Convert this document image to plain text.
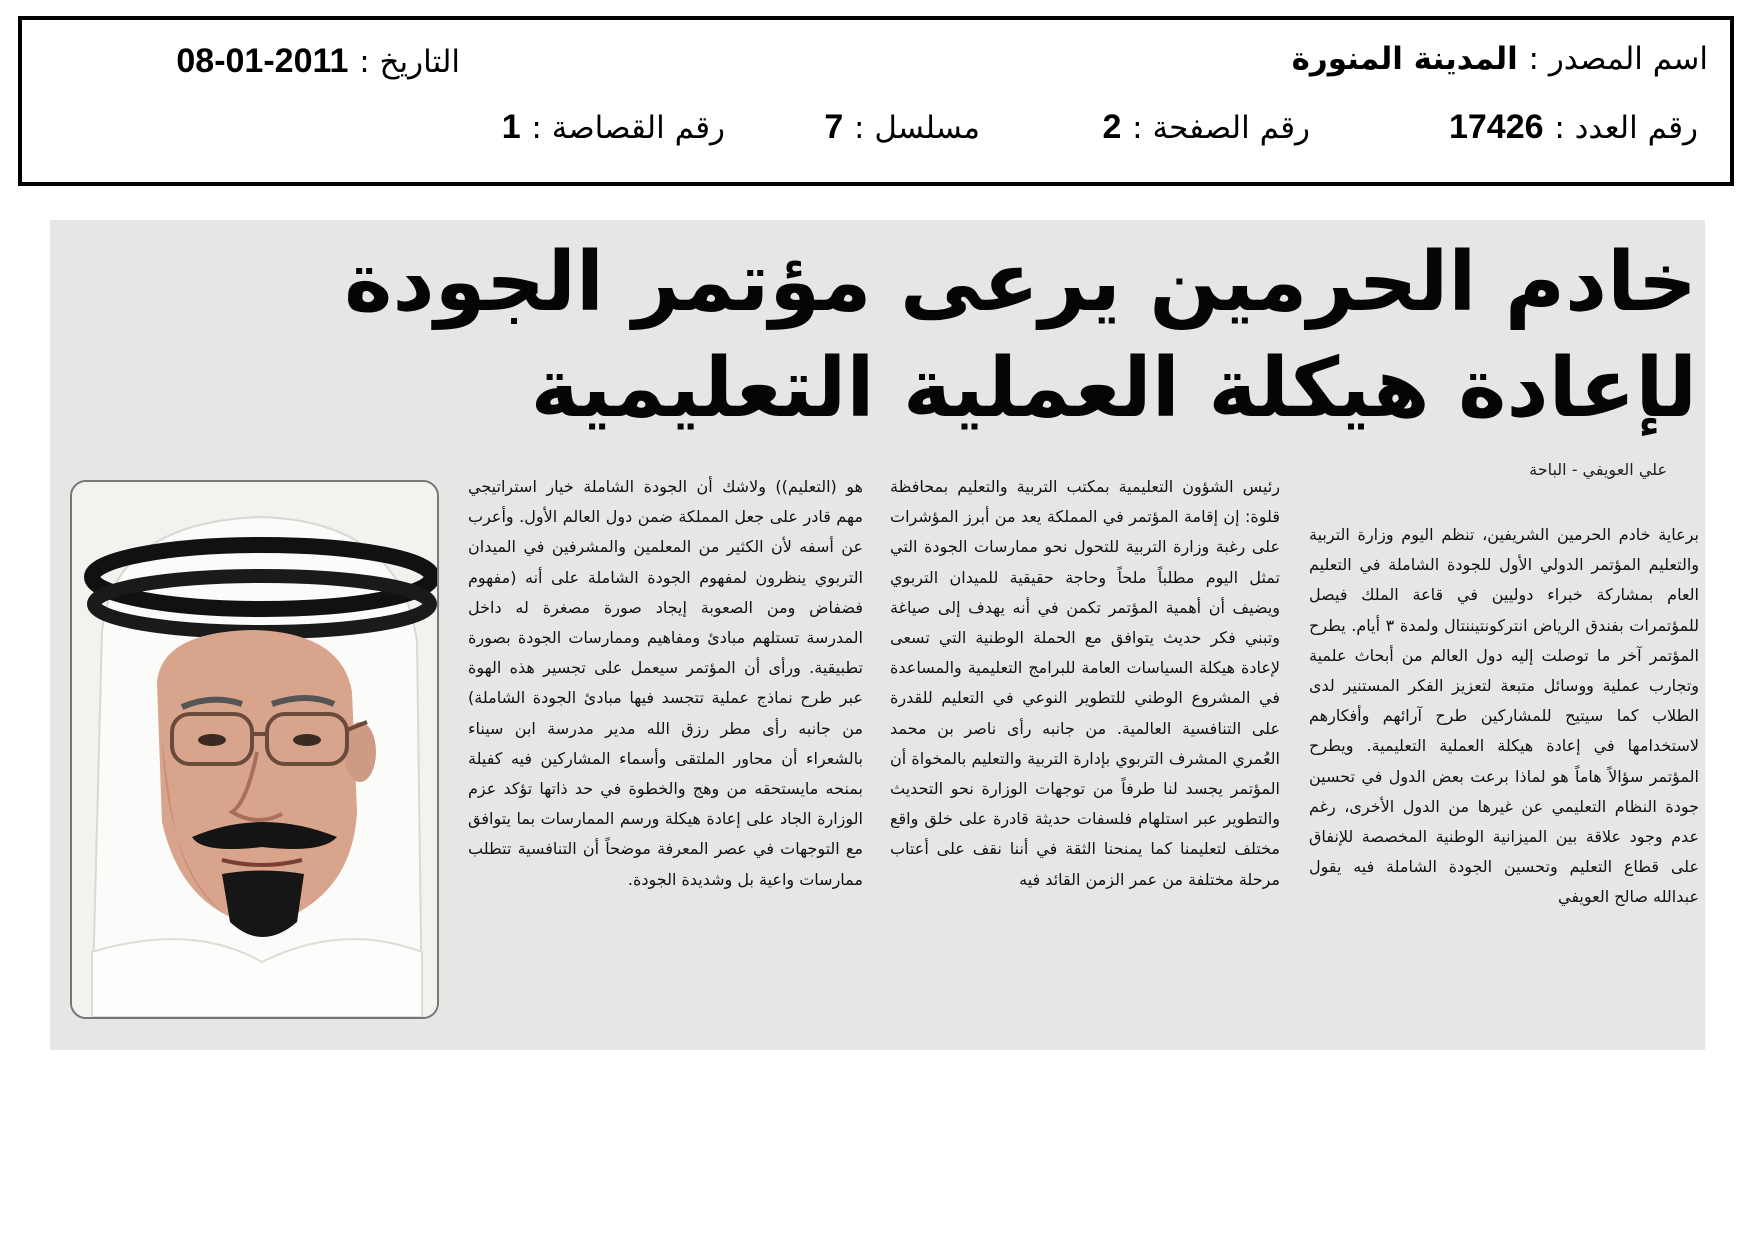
اسم المصدر : المدينة المنورة
التاريخ : 2011-01-08
رقم العدد : 17426
رقم الصفحة : 2
مسلسل : 7
رقم القصاصة : 1
خادم الحرمين يرعى مؤتمر الجودة لإعادة هيكلة العملية التعليمية
علي العويفي - الباحة
برعاية خادم الحرمين الشريفين، تنظم اليوم وزارة التربية والتعليم المؤتمر الدولي الأول للجودة الشاملة في التعليم العام بمشاركة خبراء دوليين في قاعة الملك فيصل للمؤتمرات بفندق الرياض انتركونتيننتال ولمدة ٣ أيام. يطرح المؤتمر آخر ما توصلت إليه دول العالم من أبحاث علمية وتجارب عملية ووسائل متبعة لتعزيز الفكر المستنير لدى الطلاب كما سيتيح للمشاركين طرح آرائهم وأفكارهم لاستخدامها في إعادة هيكلة العملية التعليمية. ويطرح المؤتمر سؤالاً هاماً هو لماذا برعت بعض الدول في تحسين جودة النظام التعليمي عن غيرها من الدول الأخرى، رغم عدم وجود علاقة بين الميزانية الوطنية المخصصة للإنفاق على قطاع التعليم وتحسين الجودة الشاملة فيه يقول عبدالله صالح العويفي
رئيس الشؤون التعليمية بمكتب التربية والتعليم بمحافظة قلوة: إن إقامة المؤتمر في المملكة يعد من أبرز المؤشرات على رغبة وزارة التربية للتحول نحو ممارسات الجودة التي تمثل اليوم مطلباً ملحاً وحاجة حقيقية للميدان التربوي ويضيف أن أهمية المؤتمر تكمن في أنه يهدف إلى صياغة وتبني فكر حديث يتوافق مع الحملة الوطنية التي تسعى لإعادة هيكلة السياسات العامة للبرامج التعليمية والمساعدة في المشروع الوطني للتطوير النوعي في التعليم للقدرة على التنافسية العالمية. من جانبه رأى ناصر بن محمد العُمري المشرف التربوي بإدارة التربية والتعليم بالمخواة أن المؤتمر يجسد لنا طرفاً من توجهات الوزارة نحو التحديث والتطوير عبر استلهام فلسفات حديثة قادرة على خلق واقع مختلف لتعليمنا كما يمنحنا الثقة في أننا نقف على أعتاب مرحلة مختلفة من عمر الزمن القائد فيه
هو (التعليم)) ولاشك أن الجودة الشاملة خيار استراتيجي مهم قادر على جعل المملكة ضمن دول العالم الأول. وأعرب عن أسفه لأن الكثير من المعلمين والمشرفين في الميدان التربوي ينظرون لمفهوم الجودة الشاملة على أنه (مفهوم فضفاض ومن الصعوبة إيجاد صورة مصغرة له داخل المدرسة تستلهم مبادئ ومفاهيم وممارسات الجودة بصورة تطبيقية. ورأى أن المؤتمر سيعمل على تجسير هذه الهوة عبر طرح نماذج عملية تتجسد فيها مبادئ الجودة الشاملة) من جانبه رأى مطر رزق الله مدير مدرسة ابن سيناء بالشعراء أن محاور الملتقى وأسماء المشاركين فيه كفيلة بمنحه مايستحقه من وهج والخطوة في حد ذاتها تؤكد عزم الوزارة الجاد على إعادة هيكلة ورسم الممارسات بما يتوافق مع التوجهات في عصر المعرفة موضحاً أن التنافسية تتطلب ممارسات واعية بل وشديدة الجودة.
